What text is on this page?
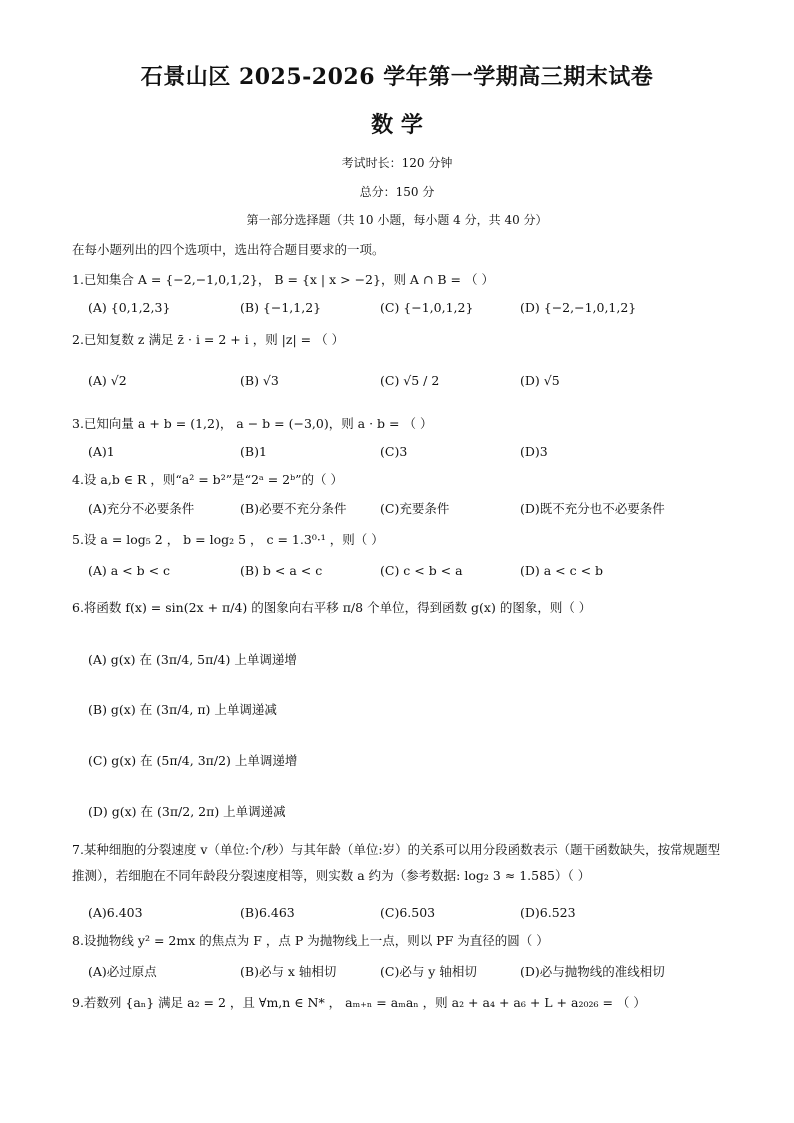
石景山区 2025-2026 学年第一学期高三期末试卷
数 学
考试时长：120 分钟
总分：150 分
第一部分选择题（共 10 小题，每小题 4 分，共 40 分）
在每小题列出的四个选项中，选出符合题目要求的一项。
1.已知集合 A = {−2,−1,0,1,2}， B = {x | x > −2}，则 A ∩ B = （ ）
(A) {0,1,2,3}	(B) {−1,1,2}	(C) {−1,0,1,2}	(D) {−2,−1,0,1,2}
2.已知复数 z 满足 z̄ · i = 2 + i ，则 |z| = （ ）
(A) √2	(B) √3	(C) √5 / 2	(D) √5
3.已知向量 a + b = (1,2)， a − b = (−3,0)，则 a · b = （ ）
(A)1	(B)1	(C)3	(D)3
4.设 a,b ∈ R ，则“a² = b²”是“2ᵃ = 2ᵇ”的（ ）
(A)充分不必要条件	(B)必要不充分条件	(C)充要条件	(D)既不充分也不必要条件
5.设 a = log₅ 2 ， b = log₂ 5 ， c = 1.3⁰·¹ ，则（ ）
(A) a < b < c	(B) b < a < c	(C) c < b < a	(D) a < c < b
6.将函数 f(x) = sin(2x + π/4) 的图象向右平移 π/8 个单位，得到函数 g(x) 的图象，则（ ）
(A) g(x) 在 (3π/4, 5π/4) 上单调递增
(B) g(x) 在 (3π/4, π) 上单调递减
(C) g(x) 在 (5π/4, 3π/2) 上单调递增
(D) g(x) 在 (3π/2, 2π) 上单调递减
7.某种细胞的分裂速度 v（单位:个/秒）与其年龄（单位:岁）的关系可以用分段函数表示（题干函数缺失，按常规题型推测），若细胞在不同年龄段分裂速度相等，则实数 a 约为（参考数据: log₂ 3 ≈ 1.585）（ ）
(A)6.403	(B)6.463	(C)6.503	(D)6.523
8.设抛物线 y² = 2mx 的焦点为 F ，点 P 为抛物线上一点，则以 PF 为直径的圆（ ）
(A)必过原点	(B)必与 x 轴相切	(C)必与 y 轴相切	(D)必与抛物线的准线相切
9.若数列 {aₙ} 满足 a₂ = 2 ，且 ∀m,n ∈ N* ， aₘ₊ₙ = aₘaₙ ，则 a₂ + a₄ + a₆ + L + a₂₀₂₆ = （ ）
